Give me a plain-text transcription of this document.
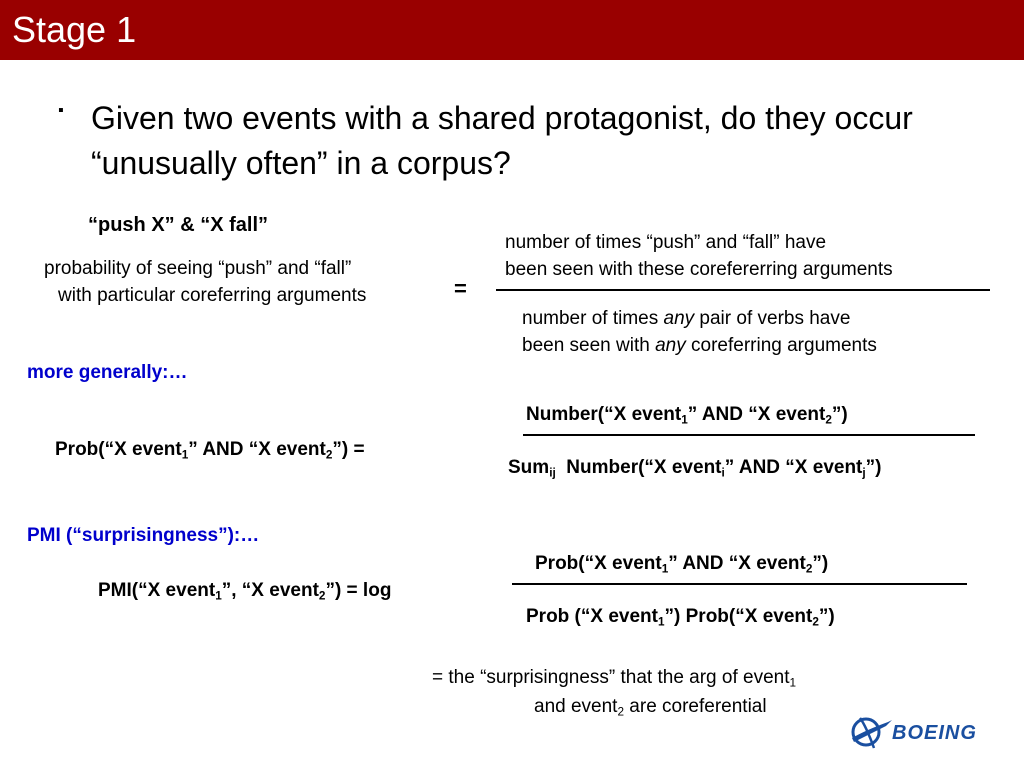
Stage 1
▪ Given two events with a shared protagonist, do they occur “unusually often” in a corpus?
“push X” & “X fall”
probability of seeing “push” and “fall”
with particular coreferring arguments	=
number of times “push” and “fall” have
been seen with these corefererring arguments
number of times any pair of verbs have
been seen with any coreferring arguments
more generally:…
Number(“X event$_1$” AND “X event$_2$”)
Prob(“X event$_1$” AND “X event$_2$”) =
Sum$_{ij}$ Number(“X event$_i$” AND “X event$_j$”)
PMI (“surprisingness”):…
Prob(“X event$_1$” AND “X event$_2$”)
PMI(“X event$_1$”, “X event$_2$”) = log
Prob (“X event$_1$”) Prob(“X event$_2$”)
= the “surprisingness” that the arg of event$_1$
and event$_2$ are coreferential
BOEING
